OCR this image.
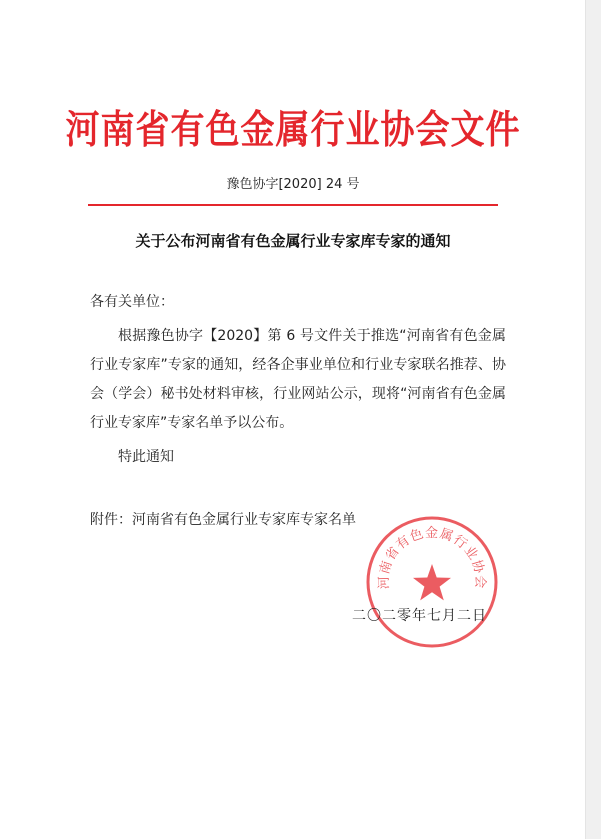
河南省有色金属行业协会文件
豫色协字[2020] 24 号
关于公布河南省有色金属行业专家库专家的通知
各有关单位：
根据豫色协字【2020】第 6 号文件关于推选“河南省有色金属行业专家库”专家的通知，经各企事业单位和行业专家联名推荐、协会（学会）秘书处材料审核，行业网站公示，现将“河南省有色金属行业专家库”专家名单予以公布。
特此通知
附件：河南省有色金属行业专家库专家名单
河南省有色金属行业协会
二〇二零年七月二日
